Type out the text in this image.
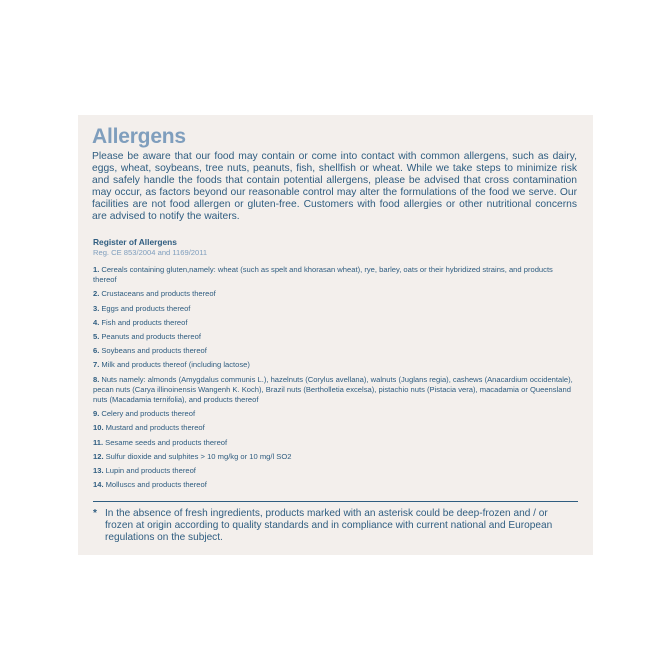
Allergens

Please be aware that our food may contain or come into contact with common allergens, such as dairy, eggs, wheat, soybeans, tree nuts, peanuts, fish, shellfish or wheat. While we take steps to minimize risk and safely handle the foods that contain potential allergens, please be advised that cross contamination may occur, as factors beyond our reasonable control may alter the formulations of the food we serve. Our facilities are not food allergen or gluten-free. Customers with food allergies or other nutritional concerns are advised to notify the waiters.

Register of Allergens

Reg. CE 853/2004 and 1169/2011

1. Cereals containing gluten,namely: wheat (such as spelt and khorasan wheat), rye, barley, oats or their hybridized strains, and products thereof
2. Crustaceans and products thereof
3. Eggs and products thereof
4. Fish and products thereof
5. Peanuts and products thereof
6. Soybeans and products thereof
7. Milk and products thereof (including lactose)
8. Nuts namely: almonds (Amygdalus communis L.), hazelnuts (Corylus avellana), walnuts (Juglans regia), cashews (Anacardium occidentale), pecan nuts (Carya illinoinensis Wangenh K. Koch), Brazil nuts (Bertholletia excelsa), pistachio nuts (Pistacia vera), macadamia or Queensland nuts (Macadamia ternifolia), and products thereof
9. Celery and products thereof
10. Mustard and products thereof
11. Sesame seeds and products thereof
12. Sulfur dioxide and sulphites > 10 mg/kg or 10 mg/l SO2
13. Lupin and products thereof
14. Molluscs and products thereof
* In the absence of fresh ingredients, products marked with an asterisk could be deep-frozen and / or frozen at origin according to quality standards and in compliance with current national and European regulations on the subject.
